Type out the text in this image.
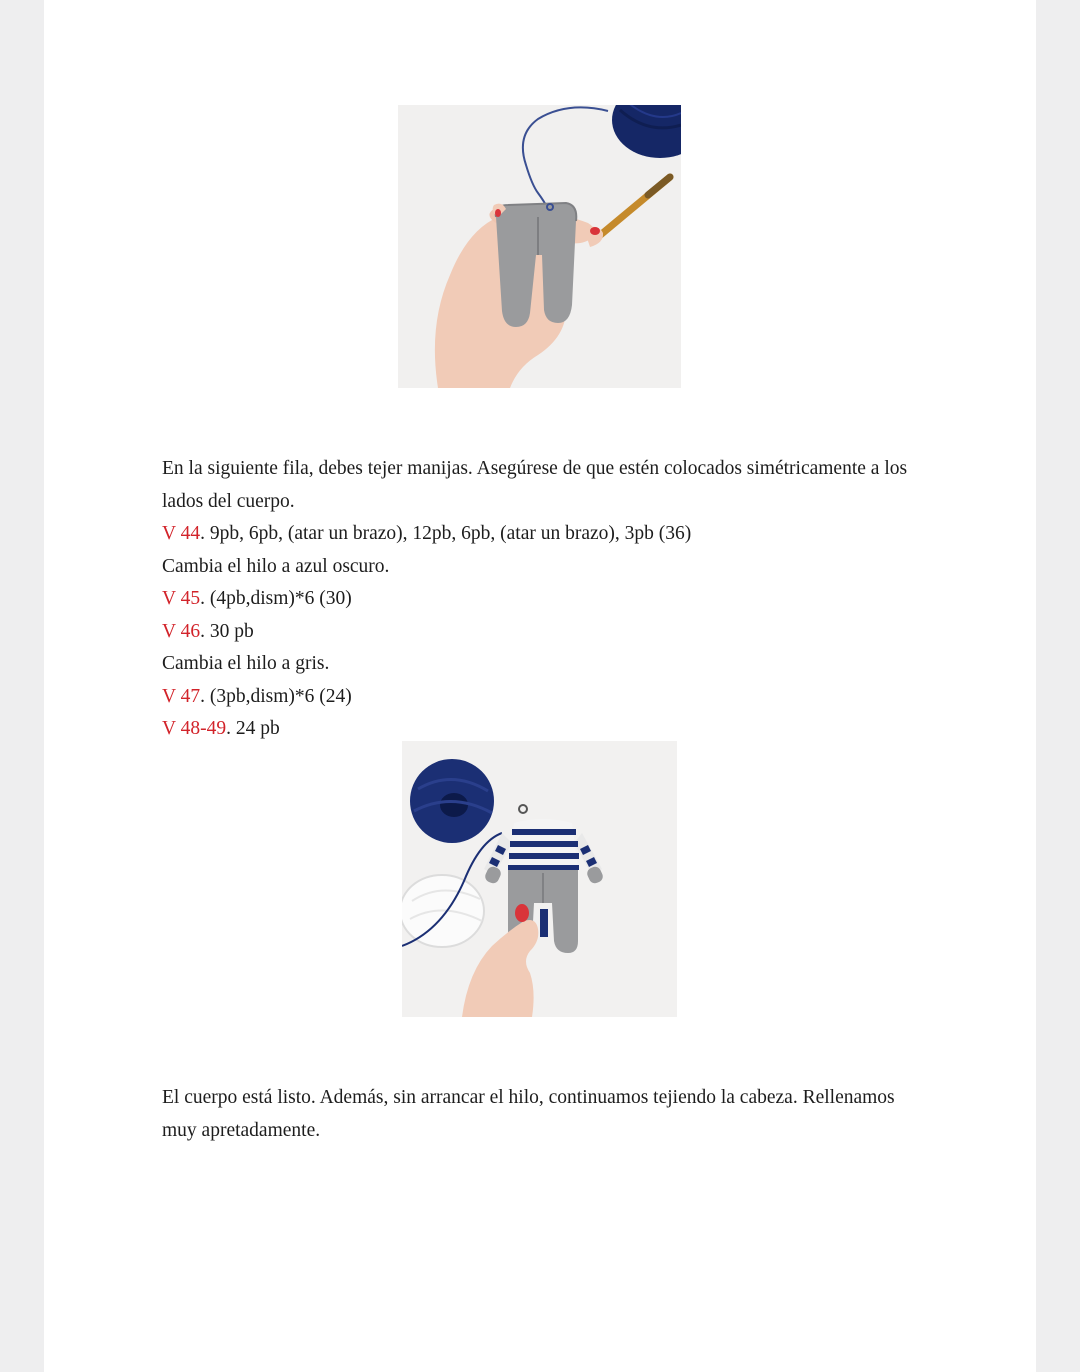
En la siguiente fila, debes tejer manijas. Asegúrese de que estén colocados simétricamente a los lados del cuerpo.

V 44. 9pb, 6pb, (atar un brazo), 12pb, 6pb, (atar un brazo), 3pb (36)

Cambia el hilo a azul oscuro.

V 45. (4pb,dism)*6 (30)

V 46. 30 pb

Cambia el hilo a gris.

V 47. (3pb,dism)*6 (24)

V 48-49. 24 pb

El cuerpo está listo. Además, sin arrancar el hilo, continuamos tejiendo la cabeza. Rellenamos muy apretadamente.
